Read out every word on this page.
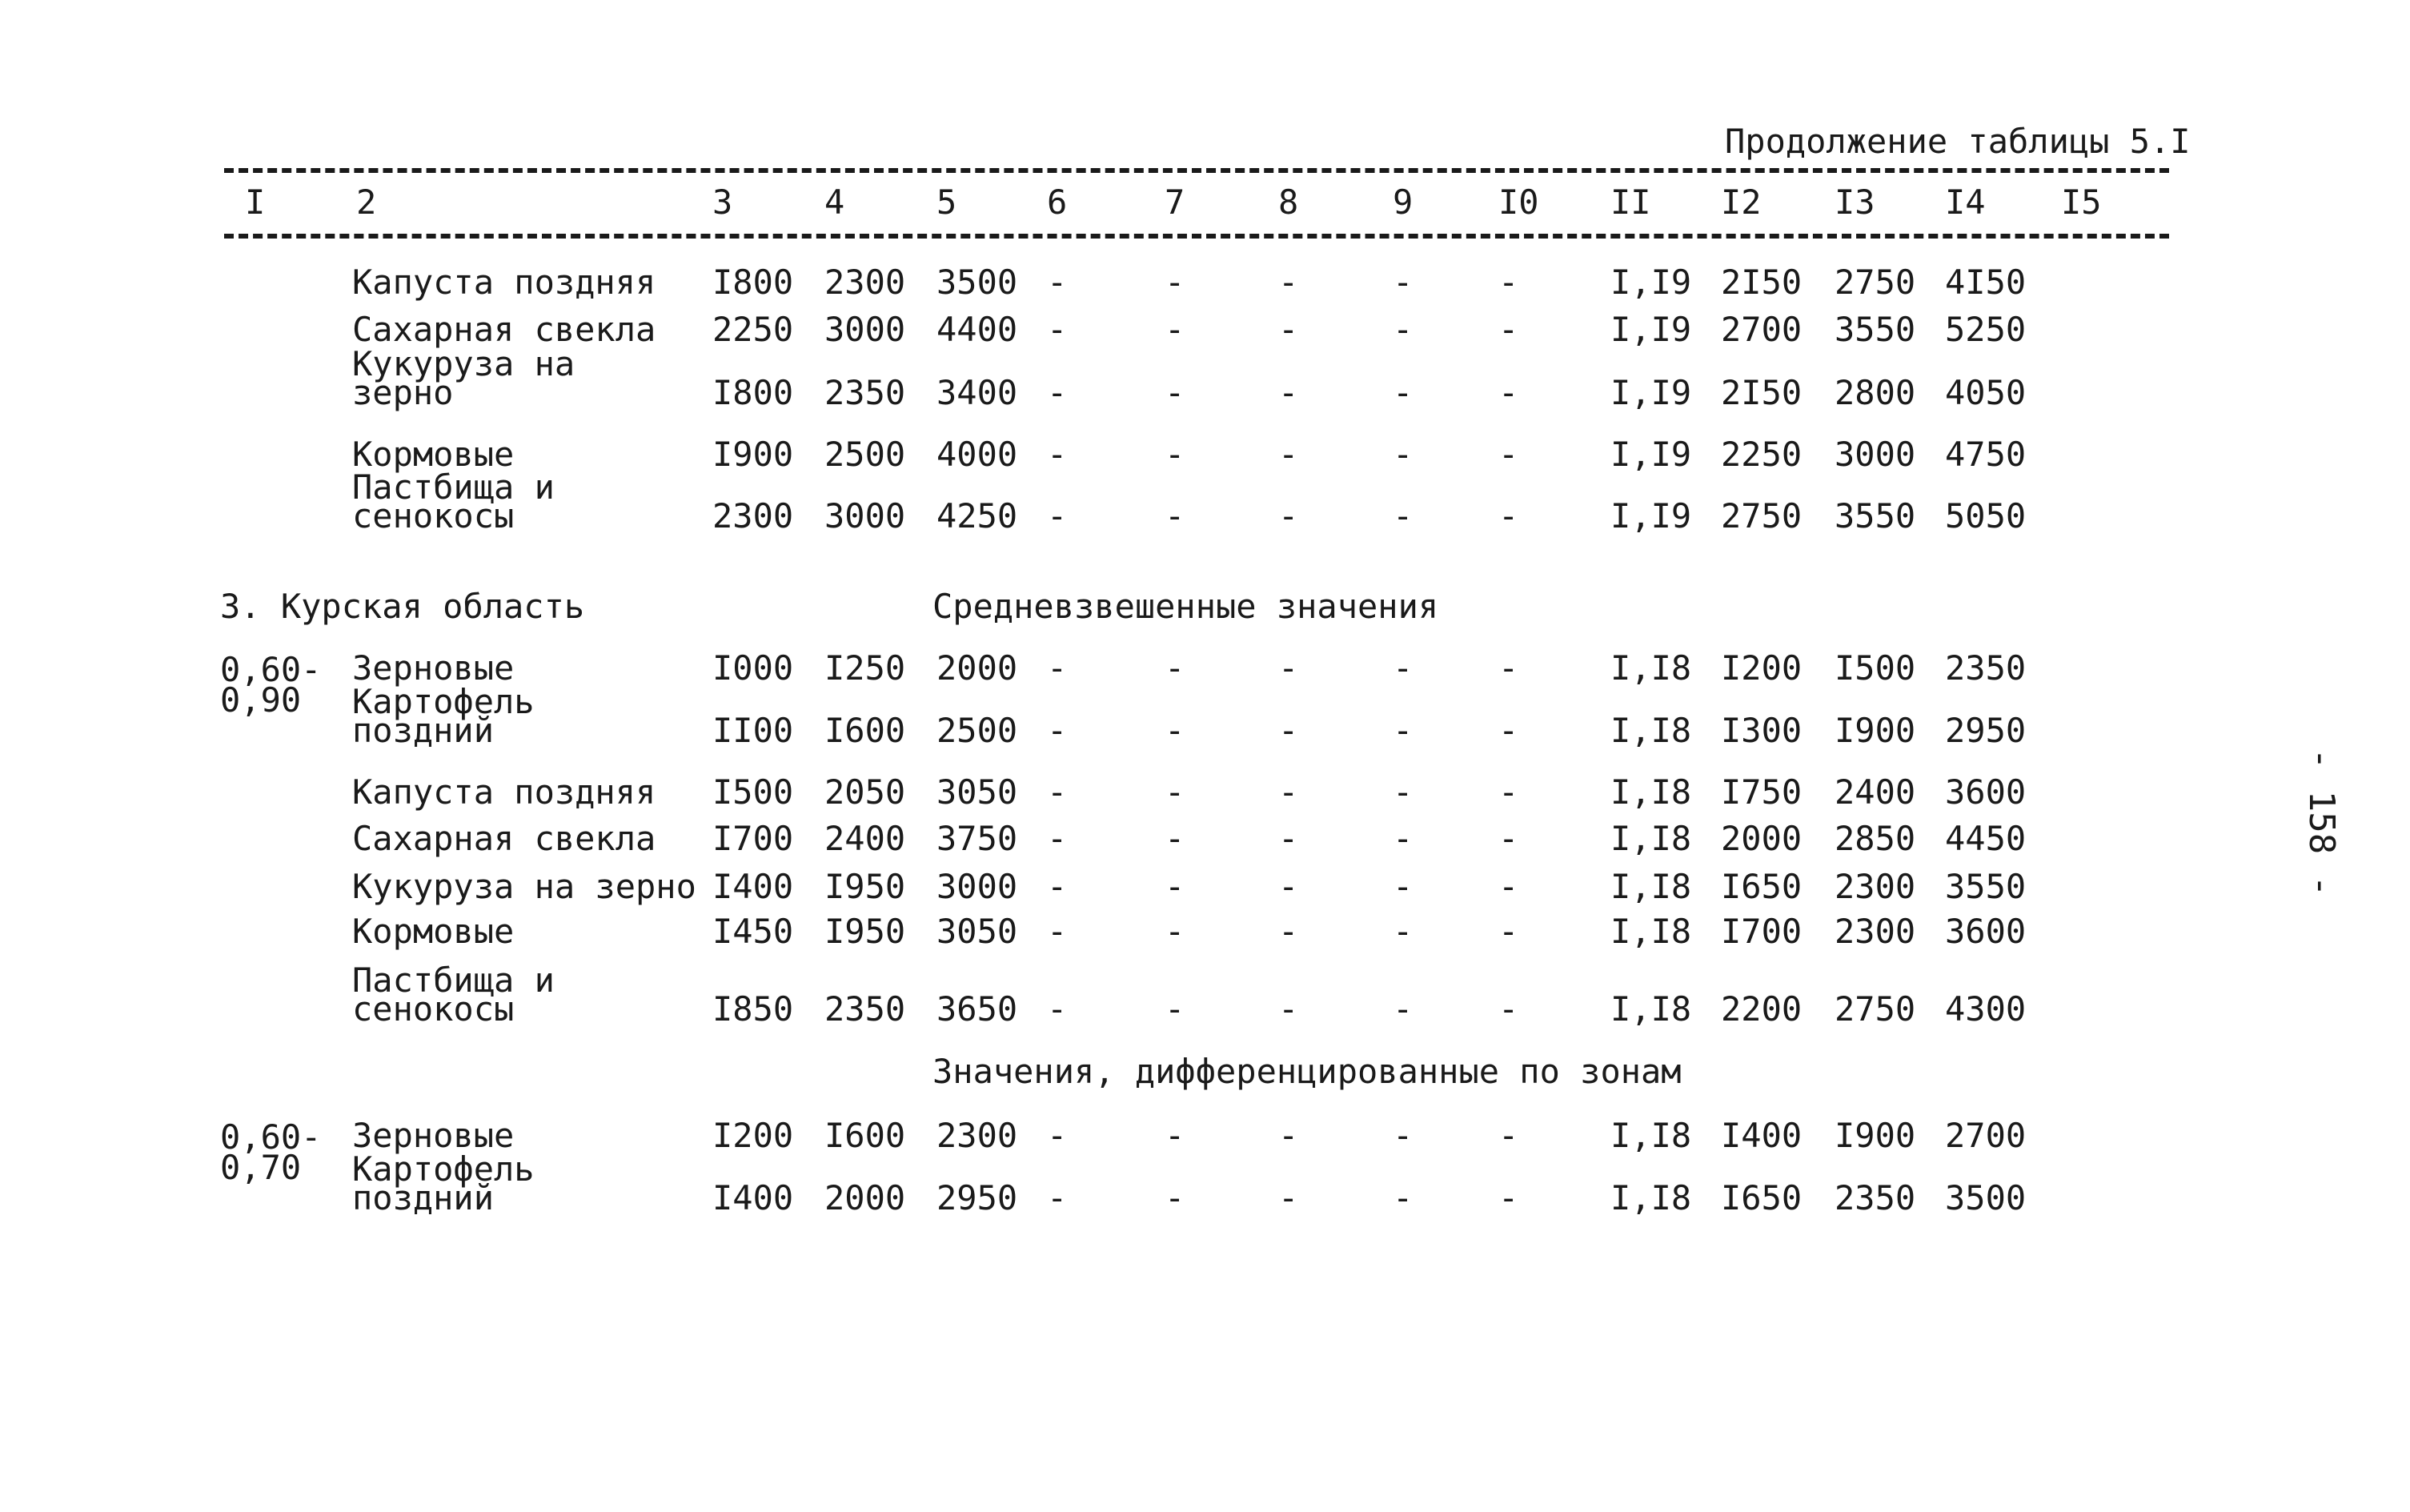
Продолжение таблицы 5.I
I	2	3	4	5	6	7	8	9	I0 II I2 I3 I4 I5
Капуста поздняя I800 2300 3500 -	-	-	-	-	I,I9 2I50 2750 4I50
Сахарная свекла 2250 3000 4400 -	-	-	-	-	I,I9 2700 3550 5250
Кукуруза на
зерно	I800 2350 3400 -	-	-	-	-	I,I9 2I50 2800 4050
Кормовые	I900 2500 4000 -	-	-	-	-	I,I9 2250 3000 4750
Пастбища и
сенокосы	2300 3000 4250 -	-	-	-	-	I,I9 2750 3550 5050
3. Курская область	Средневзвешенные значения
0,60-
0,90
Зерновые	I000 I250 2000 -	-	-	-	-	I,I8 I200 I500 2350
Картофель
поздний	II00 I600 2500 -	-	-	-	-	I,I8 I300 I900 2950
Капуста поздняя I500 2050 3050 -	-	-	-	-	I,I8 I750 2400 3600
Сахарная свекла I700 2400 3750 -	-	-	-	-	I,I8 2000 2850 4450
Кукуруза на зерно I400 I950 3000 -	-	-	-	-	I,I8 I650 2300 3550
Кормовые	I450 I950 3050 -	-	-	-	-	I,I8 I700 2300 3600
Пастбища и
сенокосы	I850 2350 3650 -	-	-	-	-	I,I8 2200 2750 4300
Значения, дифференцированные по зонам
0,60-
0,70
Зерновые	I200 I600 2300 -	-	-	-	-	I,I8 I400 I900 2700
Картофель
поздний	I400 2000 2950 -	-	-	-	-	I,I8 I650 2350 3500
- 158 -
